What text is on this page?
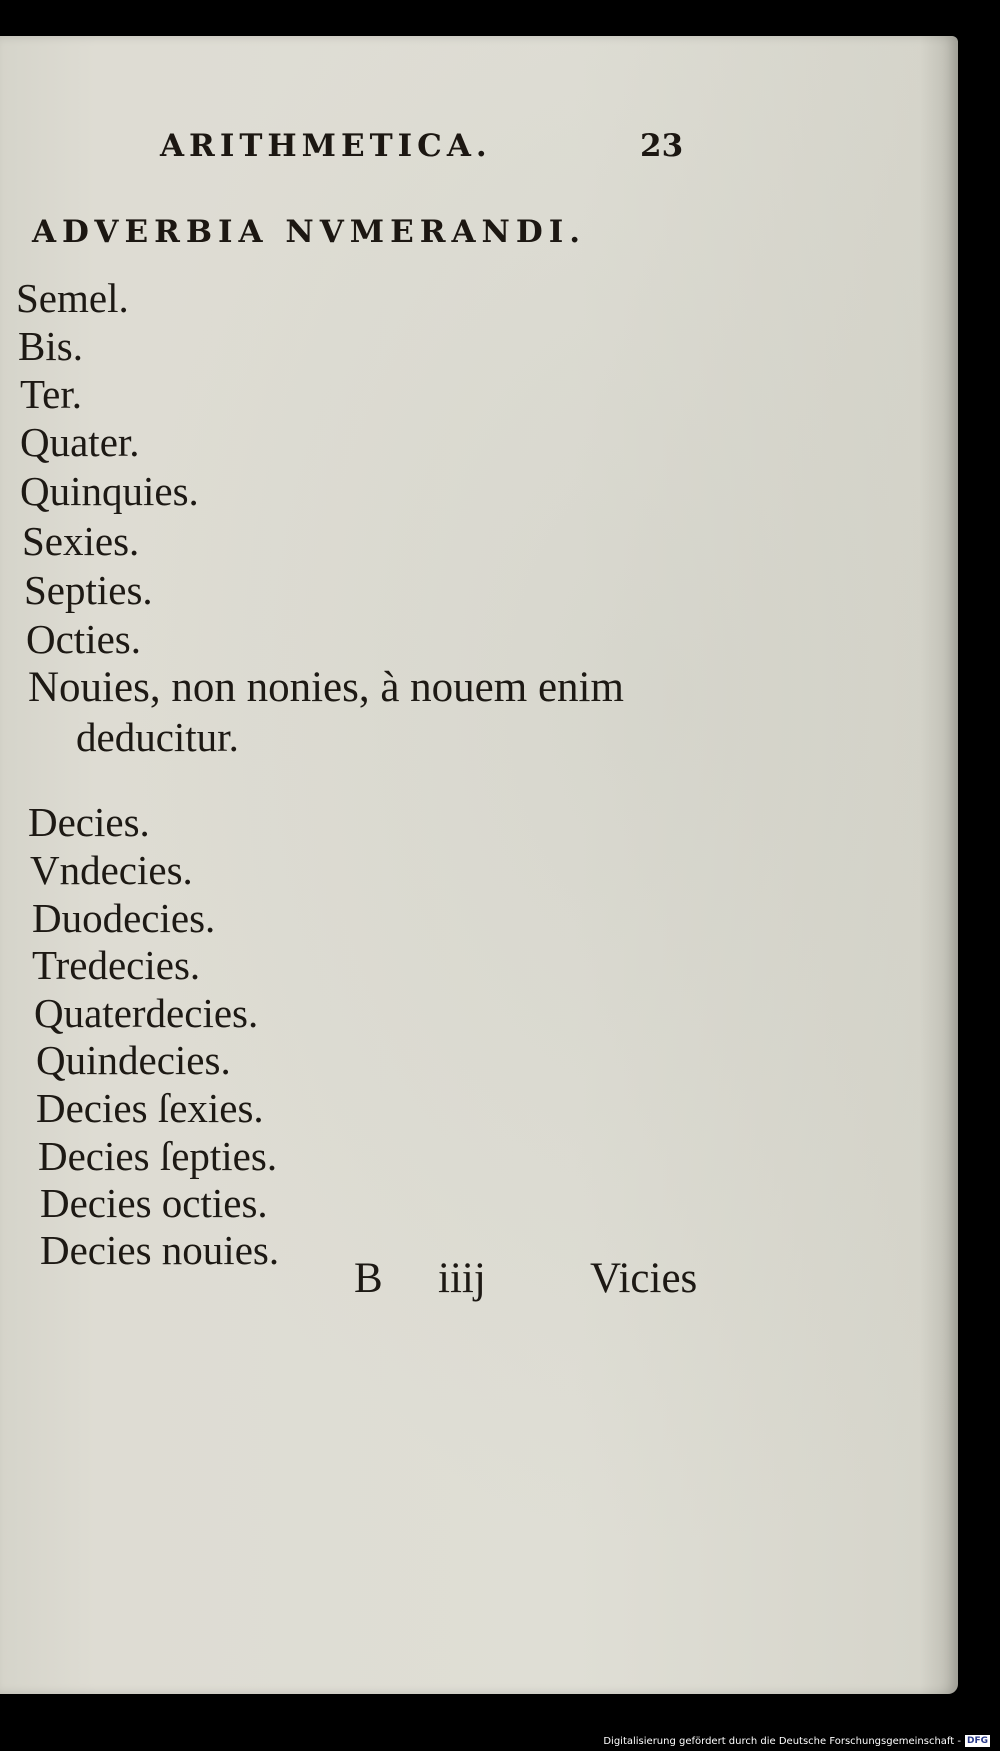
ARITHMETICA.	23
ADVERBIA NVMERANDI.
Semel.
Bis.
Ter.
Quater.
Quinquies.
Sexies.
Septies.
Octies.
Nouies, non nonies, à nouem enim
deducitur.
Decies.
Vndecies.
Duodecies.
Tredecies.
Quaterdecies.
Quindecies.
Decies ſexies.
Decies ſepties.
Decies octies.
Decies nouies.
B iiij Vicies
Digitalisierung gefördert durch die Deutsche Forschungsgemeinschaft - DFG
